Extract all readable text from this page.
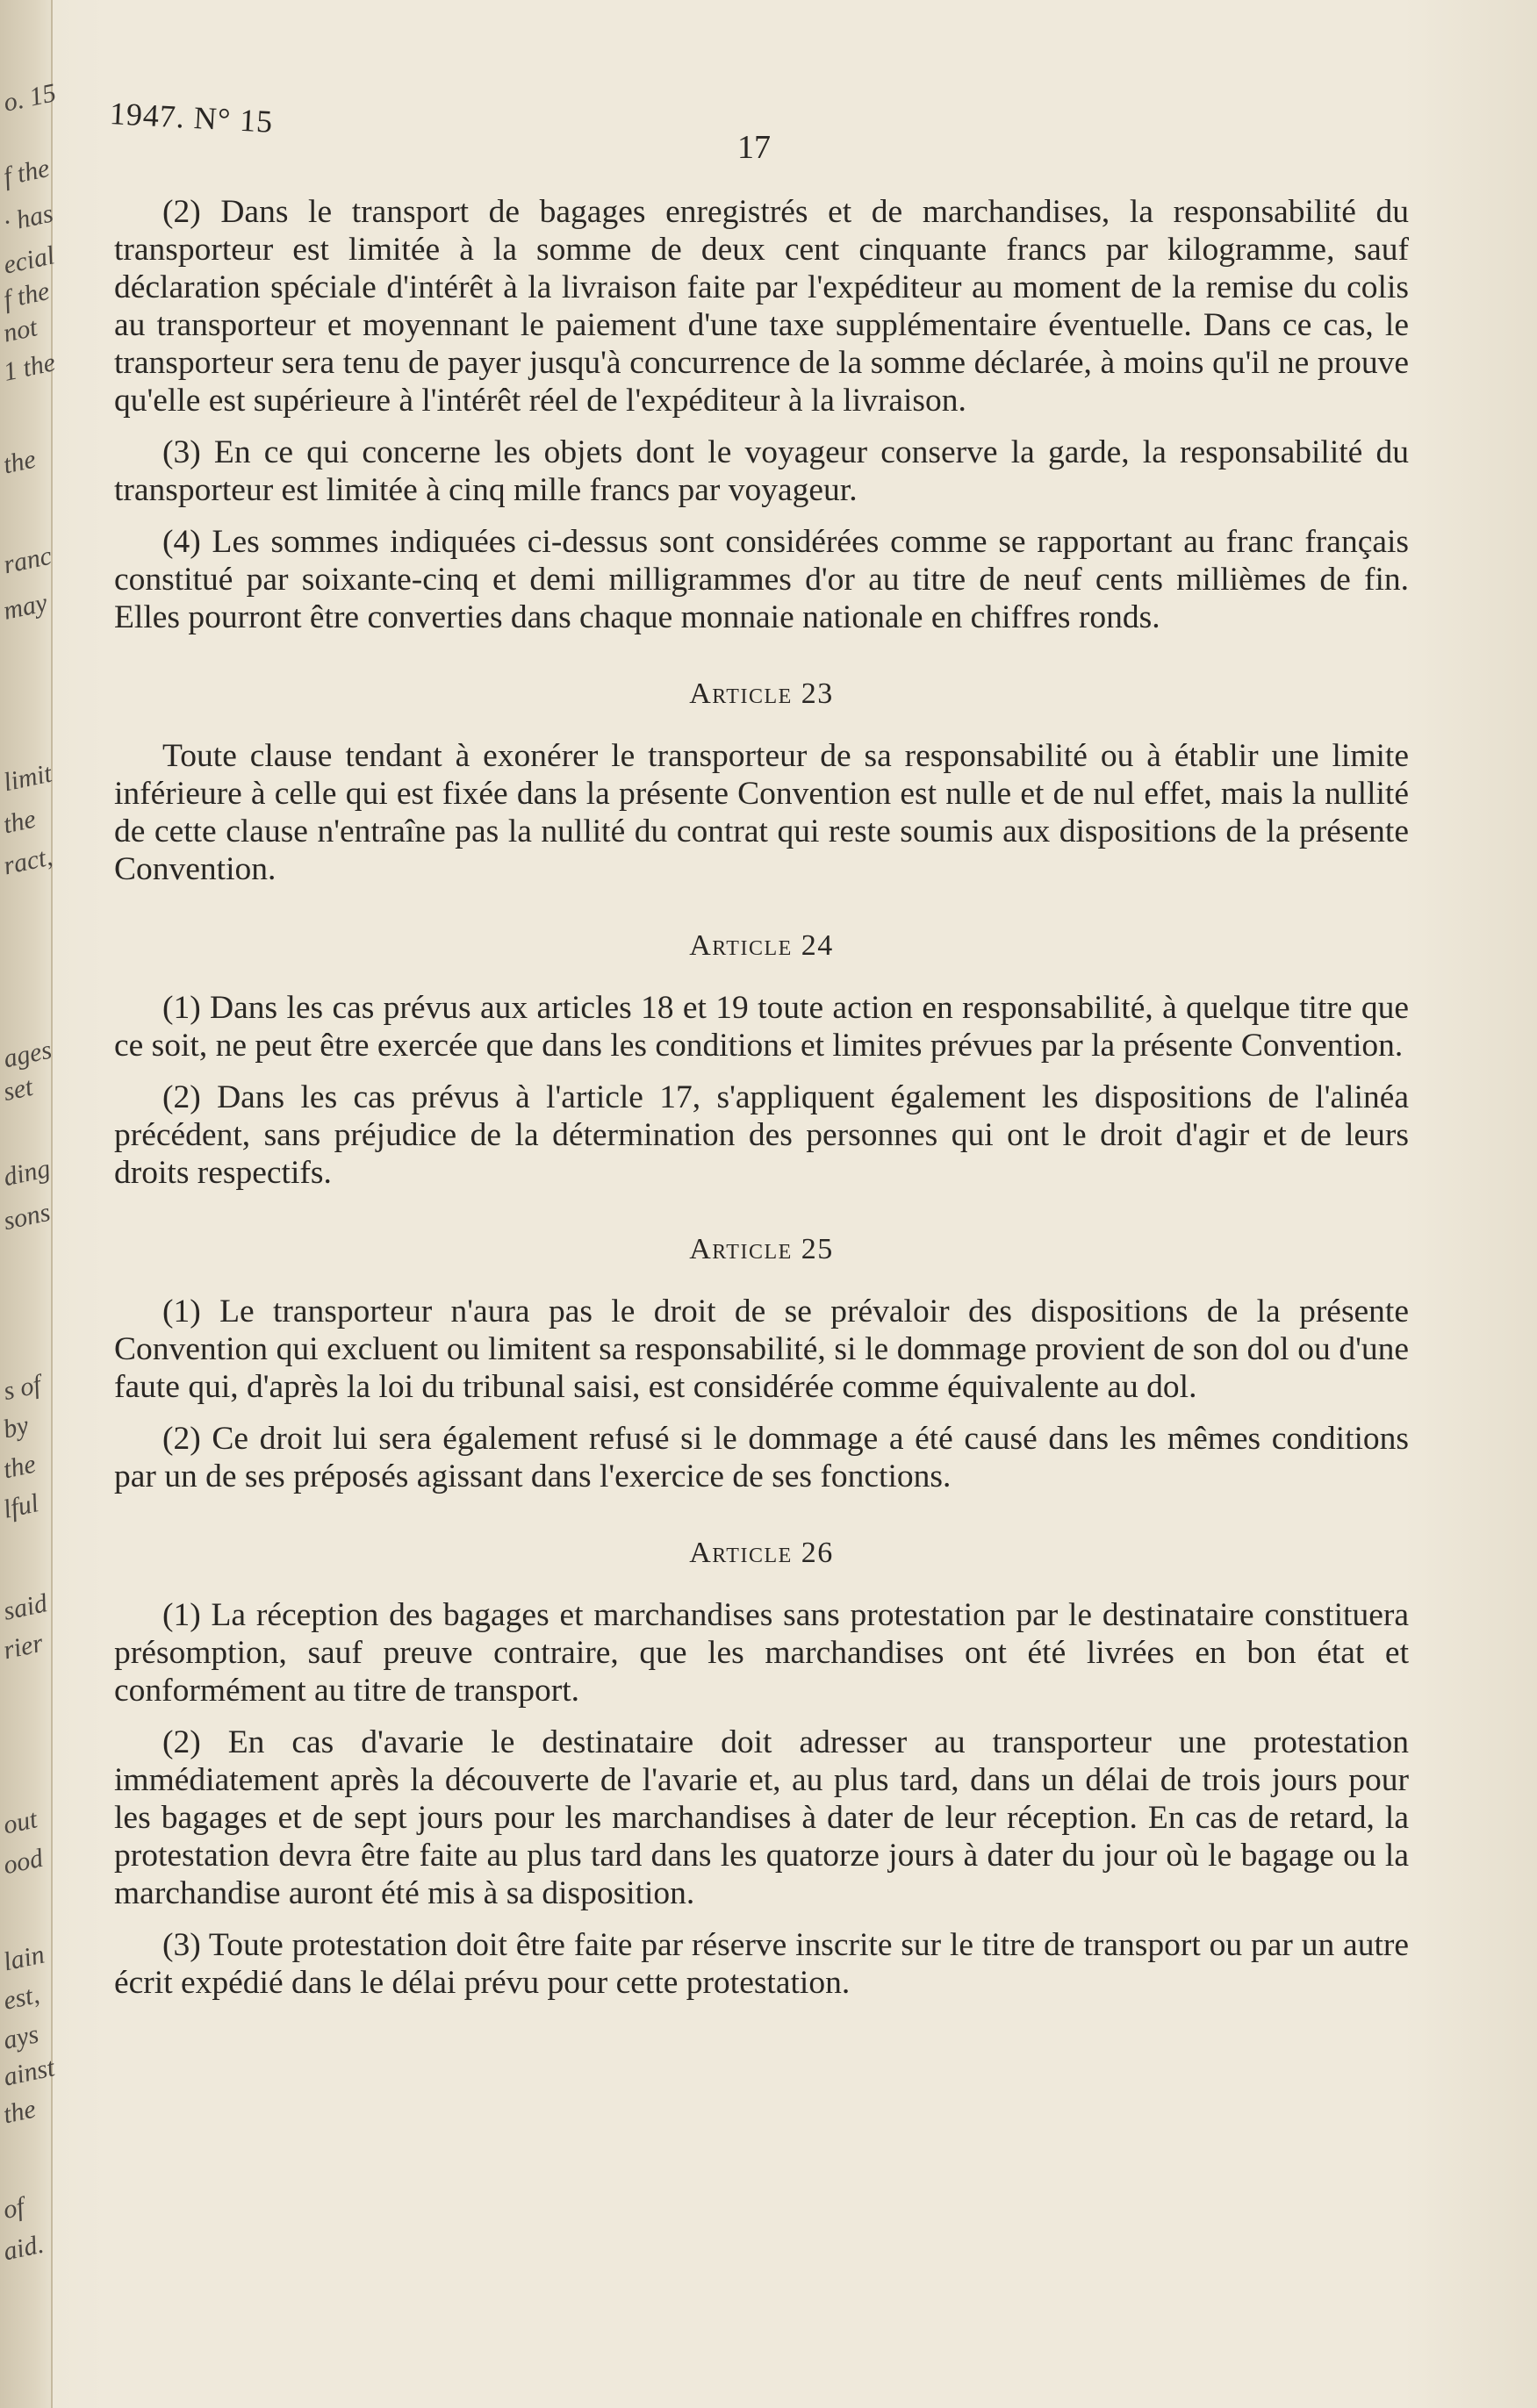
o. 15
f the
· has
ecial
f the
not
1 the
the
ranc
may
limit
the
ract,
ages
set
ding
sons
s of
by
the
lful
said
rier
out
ood
lain
est,
ays
ainst
the
of
aid.
1947. N° 15
17

(2) Dans le transport de bagages enregistrés et de marchandises, la responsabilité du transporteur est limitée à la somme de deux cent cinquante francs par kilogramme, sauf déclaration spéciale d'intérêt à la livraison faite par l'expéditeur au moment de la remise du colis au transporteur et moyennant le paiement d'une taxe supplémentaire éventuelle. Dans ce cas, le transporteur sera tenu de payer jusqu'à concurrence de la somme déclarée, à moins qu'il ne prouve qu'elle est supérieure à l'intérêt réel de l'expéditeur à la livraison.

(3) En ce qui concerne les objets dont le voyageur conserve la garde, la responsabilité du transporteur est limitée à cinq mille francs par voyageur.

(4) Les sommes indiquées ci-dessus sont considérées comme se rapportant au franc français constitué par soixante-cinq et demi milligrammes d'or au titre de neuf cents millièmes de fin. Elles pourront être converties dans chaque monnaie nationale en chiffres ronds.

Article 23

Toute clause tendant à exonérer le transporteur de sa responsabilité ou à établir une limite inférieure à celle qui est fixée dans la présente Convention est nulle et de nul effet, mais la nullité de cette clause n'entraîne pas la nullité du contrat qui reste soumis aux dispositions de la présente Convention.

Article 24

(1) Dans les cas prévus aux articles 18 et 19 toute action en responsabilité, à quelque titre que ce soit, ne peut être exercée que dans les conditions et limites prévues par la présente Convention.

(2) Dans les cas prévus à l'article 17, s'appliquent également les dispositions de l'alinéa précédent, sans préjudice de la détermination des personnes qui ont le droit d'agir et de leurs droits respectifs.

Article 25

(1) Le transporteur n'aura pas le droit de se prévaloir des dispositions de la présente Convention qui excluent ou limitent sa responsabilité, si le dommage provient de son dol ou d'une faute qui, d'après la loi du tribunal saisi, est considérée comme équivalente au dol.

(2) Ce droit lui sera également refusé si le dommage a été causé dans les mêmes conditions par un de ses préposés agissant dans l'exercice de ses fonctions.

Article 26

(1) La réception des bagages et marchandises sans protestation par le destinataire constituera présomption, sauf preuve contraire, que les marchandises ont été livrées en bon état et conformément au titre de transport.

(2) En cas d'avarie le destinataire doit adresser au transporteur une protestation immédiatement après la découverte de l'avarie et, au plus tard, dans un délai de trois jours pour les bagages et de sept jours pour les marchandises à dater de leur réception. En cas de retard, la protestation devra être faite au plus tard dans les quatorze jours à dater du jour où le bagage ou la marchandise auront été mis à sa disposition.

(3) Toute protestation doit être faite par réserve inscrite sur le titre de transport ou par un autre écrit expédié dans le délai prévu pour cette protestation.
